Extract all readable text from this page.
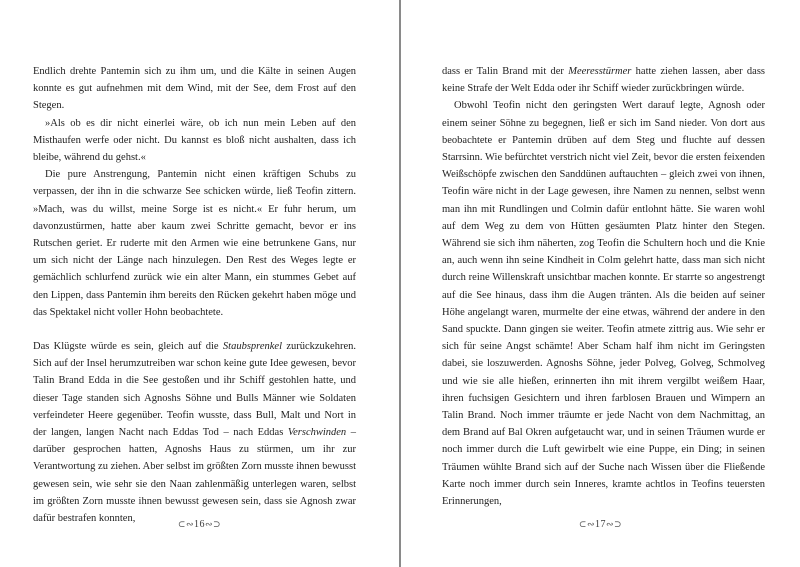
Endlich drehte Pantemin sich zu ihm um, und die Kälte in seinen Augen konnte es gut aufnehmen mit dem Wind, mit der See, dem Frost auf den Stegen.

»Als ob es dir nicht einerlei wäre, ob ich nun mein Leben auf den Misthaufen werfe oder nicht. Du kannst es bloß nicht aushalten, dass ich bleibe, während du gehst.«

Die pure Anstrengung, Pantemin nicht einen kräftigen Schubs zu verpassen, der ihn in die schwarze See schicken würde, ließ Teofin zittern. »Mach, was du willst, meine Sorge ist es nicht.« Er fuhr herum, um davonzustürmen, hatte aber kaum zwei Schritte gemacht, bevor er ins Rutschen geriet. Er ruderte mit den Armen wie eine betrunkene Gans, nur um sich nicht der Länge nach hinzulegen. Den Rest des Weges legte er gemächlich schlurfend zurück wie ein alter Mann, ein stummes Gebet auf den Lippen, dass Pantemin ihm bereits den Rücken gekehrt haben möge und das Spektakel nicht voller Hohn beobachtete.

Das Klügste würde es sein, gleich auf die Staubsprenkel zurückzukehren. Sich auf der Insel herumzutreiben war schon keine gute Idee gewesen, bevor Talin Brand Edda in die See gestoßen und ihr Schiff gestohlen hatte, und dieser Tage standen sich Agnoshs Söhne und Bulls Männer wie Soldaten verfeindeter Heere gegenüber. Teofin wusste, dass Bull, Malt und Nort in der langen, langen Nacht nach Eddas Tod – nach Eddas Verschwinden – darüber gesprochen hatten, Agnoshs Haus zu stürmen, um ihr zur Verantwortung zu ziehen. Aber selbst im größten Zorn musste ihnen bewusst gewesen sein, wie sehr sie den Naan zahlenmäßig unterlegen waren, selbst im größten Zorn musste ihnen bewusst gewesen sein, dass sie Agnosh zwar dafür bestrafen konnten,	⊂∾16∾⊃

dass er Talin Brand mit der Meeresstürmer hatte ziehen lassen, aber dass keine Strafe der Welt Edda oder ihr Schiff wieder zurückbringen würde.

Obwohl Teofin nicht den geringsten Wert darauf legte, Agnosh oder einem seiner Söhne zu begegnen, ließ er sich im Sand nieder. Von dort aus beobachtete er Pantemin drüben auf dem Steg und fluchte auf dessen Starrsinn. Wie befürchtet verstrich nicht viel Zeit, bevor die ersten feixenden Weißschöpfe zwischen den Sanddünen auftauchten – gleich zwei von ihnen, Teofin wäre nicht in der Lage gewesen, ihre Namen zu nennen, selbst wenn man ihn mit Rundlingen und Colmin dafür entlohnt hätte. Sie waren wohl auf dem Weg zu dem von Hütten gesäumten Platz hinter den Stegen. Während sie sich ihm näherten, zog Teofin die Schultern hoch und die Knie an, auch wenn ihn seine Kindheit in Colm gelehrt hatte, dass man sich nicht durch reine Willenskraft unsichtbar machen konnte. Er starrte so angestrengt auf die See hinaus, dass ihm die Augen tränten. Als die beiden auf seiner Höhe angelangt waren, murmelte der eine etwas, während der andere in den Sand spuckte. Dann gingen sie weiter. Teofin atmete zittrig aus. Wie sehr er sich für seine Angst schämte! Aber Scham half ihm nicht im Geringsten dabei, sie loszuwerden. Agnoshs Söhne, jeder Polveg, Golveg, Schmolveg und wie sie alle hießen, erinnerten ihn mit ihrem vergilbt weißem Haar, ihren fuchsigen Gesichtern und ihren farblosen Brauen und Wimpern an Talin Brand. Noch immer träumte er jede Nacht von dem Nachmittag, an dem Brand auf Bal Okren aufgetaucht war, und in seinen Träumen wurde er noch immer durch die Luft gewirbelt wie eine Puppe, ein Ding; in seinen Träumen wühlte Brand sich auf der Suche nach Wissen über die Fließende Karte noch immer durch sein Inneres, kramte achtlos in Teofins teuersten Erinnerungen,

⊂∾17∾⊃
